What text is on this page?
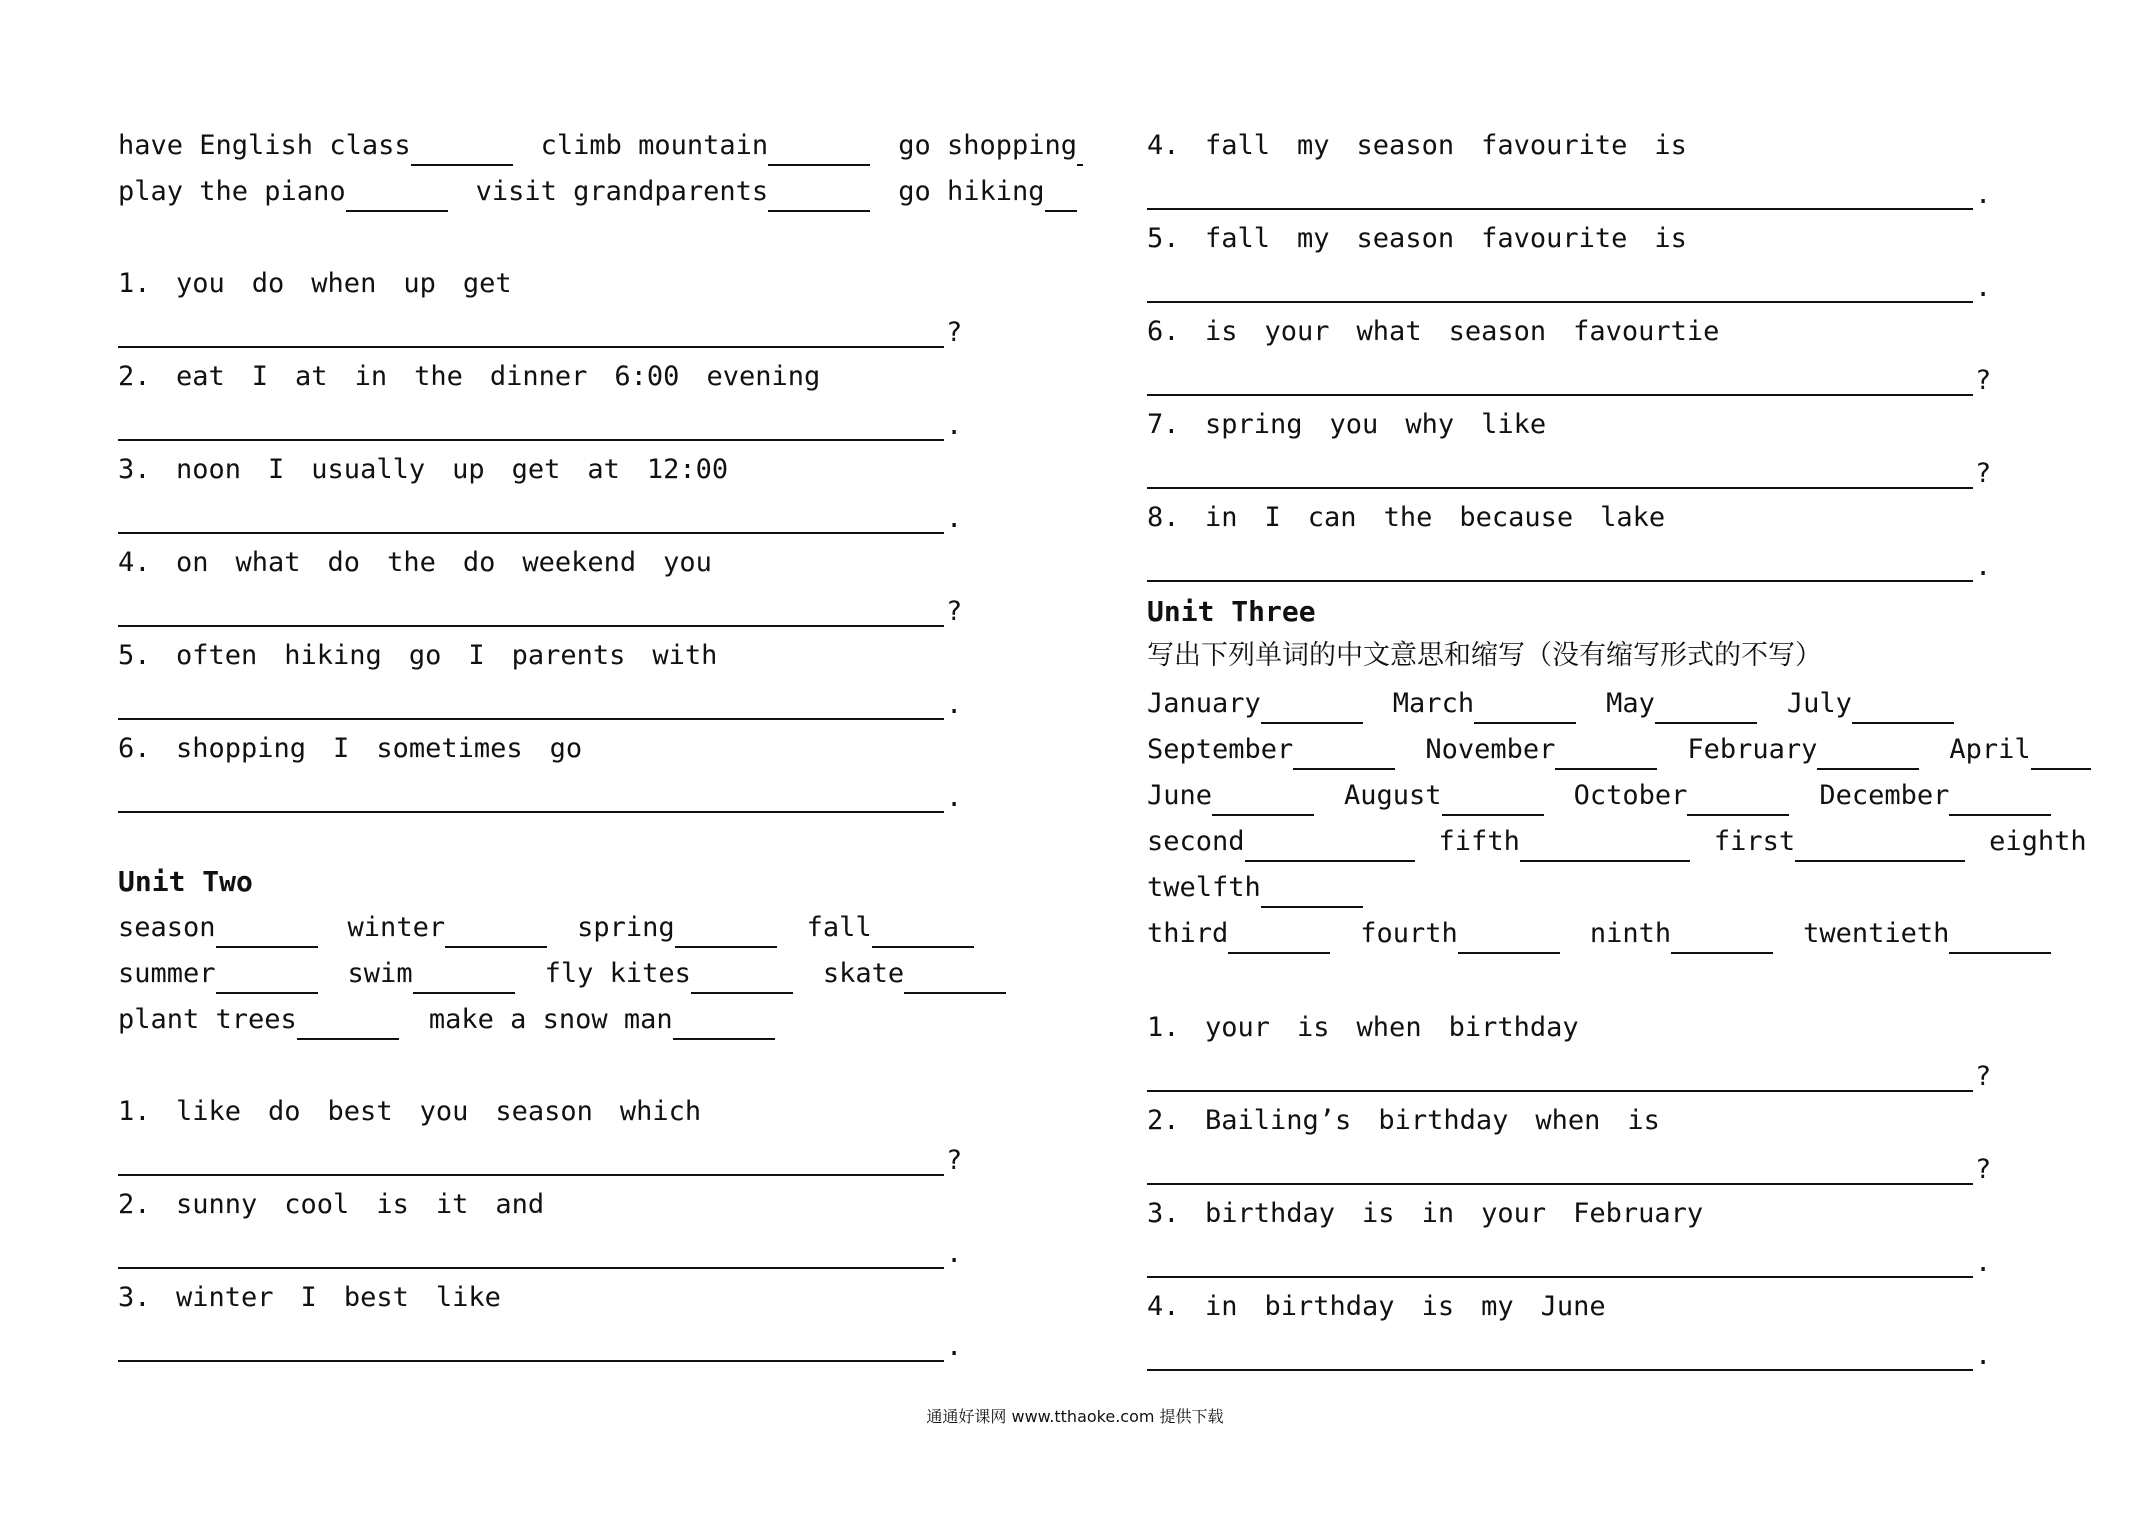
have English class	climb mountain	go shopping
play the piano	visit grandparents	go hiking
1. you do when up get
?
2. eat I at in the dinner 6:00 evening
.
3. noon I usually up get at 12:00
.
4. on what do the do weekend you
?
5. often hiking go I parents with
.
6. shopping I sometimes go
.
Unit Two
season	winter	spring	fall
summer	swim	fly kites	skate
plant trees	make a snow man
1. like do best you season which
?
2. sunny cool is it and
.
3. winter I best like
.
4. fall my season favourite is
.
5. fall my season favourite is
.
6. is your what season favourtie
?
7. spring you why like
?
8. in I can the because lake
.
Unit Three
写出下列单词的中文意思和缩写（没有缩写形式的不写）
January	March	May	July
September	November	February	April
June	August	October	December
second	fifth	first	eighth
twelfth
third	fourth	ninth	twentieth
1. your is when birthday
?
2. Bailing’s birthday when is
?
3. birthday is in your February
.
4. in birthday is my June
.
通通好课网 www.tthaoke.com 提供下载
